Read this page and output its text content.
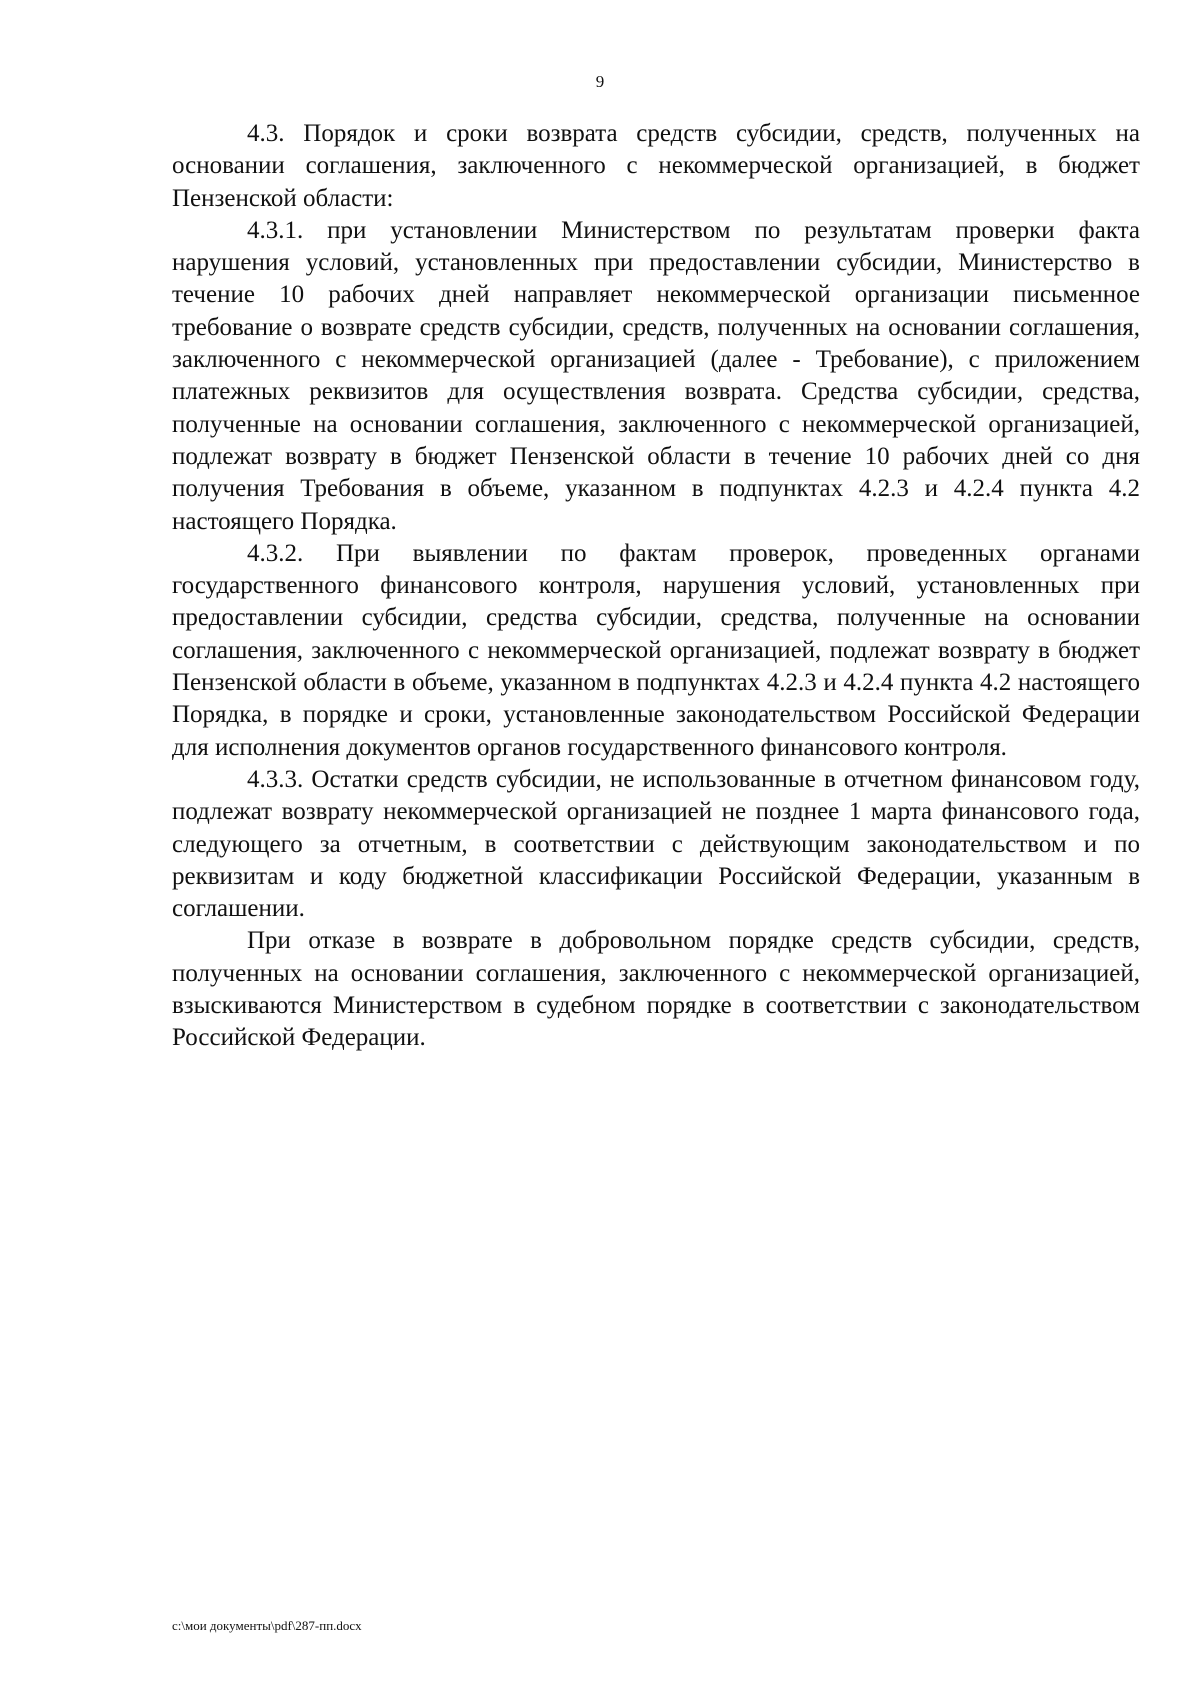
9

4.3. Порядок и сроки возврата средств субсидии, средств, полученных на основании соглашения, заключенного с некоммерческой организацией, в бюджет Пензенской области:

4.3.1. при установлении Министерством по результатам проверки факта нарушения условий, установленных при предоставлении субсидии, Министерство в течение 10 рабочих дней направляет некоммерческой организации письменное требование о возврате средств субсидии, средств, полученных на основании соглашения, заключенного с некоммерческой организацией (далее - Требование), с приложением платежных реквизитов для осуществления возврата. Средства субсидии, средства, полученные на основании соглашения, заключенного с некоммерческой организацией, подлежат возврату в бюджет Пензенской области в течение 10 рабочих дней со дня получения Требования в объеме, указанном в подпунктах 4.2.3 и 4.2.4 пункта 4.2 настоящего Порядка.

4.3.2. При выявлении по фактам проверок, проведенных органами государственного финансового контроля, нарушения условий, установленных при предоставлении субсидии, средства субсидии, средства, полученные на основании соглашения, заключенного с некоммерческой организацией, подлежат возврату в бюджет Пензенской области в объеме, указанном в подпунктах 4.2.3 и 4.2.4 пункта 4.2 настоящего Порядка, в порядке и сроки, установленные законодательством Российской Федерации для исполнения документов органов государственного финансового контроля.

4.3.3. Остатки средств субсидии, не использованные в отчетном финансовом году, подлежат возврату некоммерческой организацией не позднее 1 марта финансового года, следующего за отчетным, в соответствии с действующим законодательством и по реквизитам и коду бюджетной классификации Российской Федерации, указанным в соглашении.

При отказе в возврате в добровольном порядке средств субсидии, средств, полученных на основании соглашения, заключенного с некоммерческой организацией, взыскиваются Министерством в судебном порядке в соответствии с законодательством Российской Федерации.

c:\мои документы\pdf\287-пп.docx
